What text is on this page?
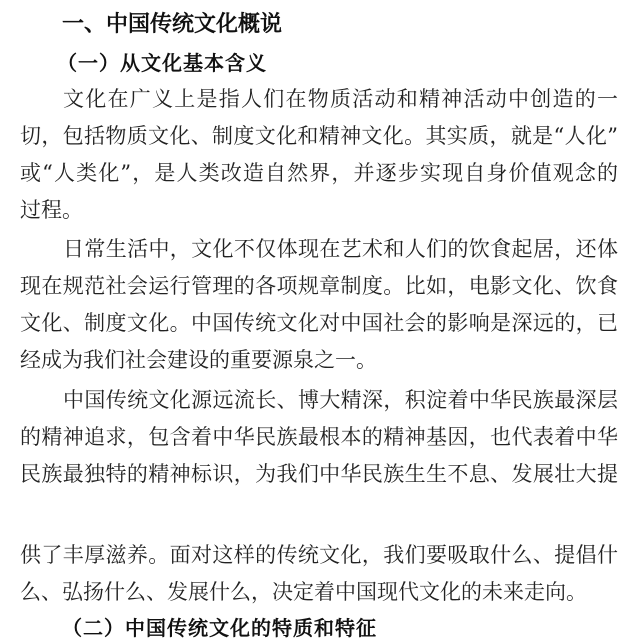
一、中国传统文化概说
（一）从文化基本含义
文化在广义上是指人们在物质活动和精神活动中创造的一
切，包括物质文化、制度文化和精神文化。其实质，就是“人化”
或“人类化”，是人类改造自然界，并逐步实现自身价值观念的
过程。
日常生活中，文化不仅体现在艺术和人们的饮食起居，还体
现在规范社会运行管理的各项规章制度。比如，电影文化、饮食
文化、制度文化。中国传统文化对中国社会的影响是深远的，已
经成为我们社会建设的重要源泉之一。
中国传统文化源远流长、博大精深，积淀着中华民族最深层
的精神追求，包含着中华民族最根本的精神基因，也代表着中华
民族最独特的精神标识，为我们中华民族生生不息、发展壮大提
供了丰厚滋养。面对这样的传统文化，我们要吸取什么、提倡什
么、弘扬什么、发展什么，决定着中国现代文化的未来走向。
（二）中国传统文化的特质和特征
